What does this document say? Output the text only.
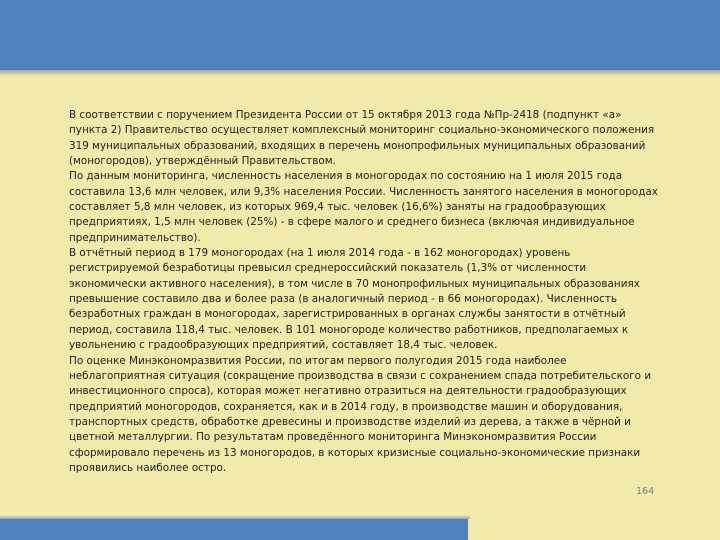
В соответствии с поручением Президента России от 15 октября 2013 года №Пр-2418 (подпункт «а» пункта 2) Правительство осуществляет комплексный мониторинг социально-экономического положения 319 муниципальных образований, входящих в перечень монопрофильных муниципальных образований (моногородов), утверждённый Правительством.

По данным мониторинга, численность населения в моногородах по состоянию на 1 июля 2015 года составила 13,6 млн человек, или 9,3% населения России. Численность занятого населения в моногородах составляет 5,8 млн человек, из которых 969,4 тыс. человек (16,6%) заняты на градообразующих предприятиях, 1,5 млн человек (25%) - в сфере малого и среднего бизнеса (включая индивидуальное предпринимательство).

В отчётный период в 179 моногородах (на 1 июля 2014 года - в 162 моногородах) уровень регистрируемой безработицы превысил среднероссийский показатель (1,3% от численности экономически активного населения), в том числе в 70 монопрофильных муниципальных образованиях превышение составило два и более раза (в аналогичный период - в 66 моногородах). Численность безработных граждан в моногородах, зарегистрированных в органах службы занятости в отчётный период, составила 118,4 тыс. человек. В 101 моногороде количество работников, предполагаемых к увольнению с градообразующих предприятий, составляет 18,4 тыс. человек.

По оценке Минэкономразвития России, по итогам первого полугодия 2015 года наиболее неблагоприятная ситуация (сокращение производства в связи с сохранением спада потребительского и инвестиционного спроса), которая может негативно отразиться на деятельности градообразующих предприятий моногородов, сохраняется, как и в 2014 году, в производстве машин и оборудования, транспортных средств, обработке древесины и производстве изделий из дерева, а также в чёрной и цветной металлургии. По результатам проведённого мониторинга Минэкономразвития России сформировало перечень из 13 моногородов, в которых кризисные социально-экономические признаки проявились наиболее остро.

164
